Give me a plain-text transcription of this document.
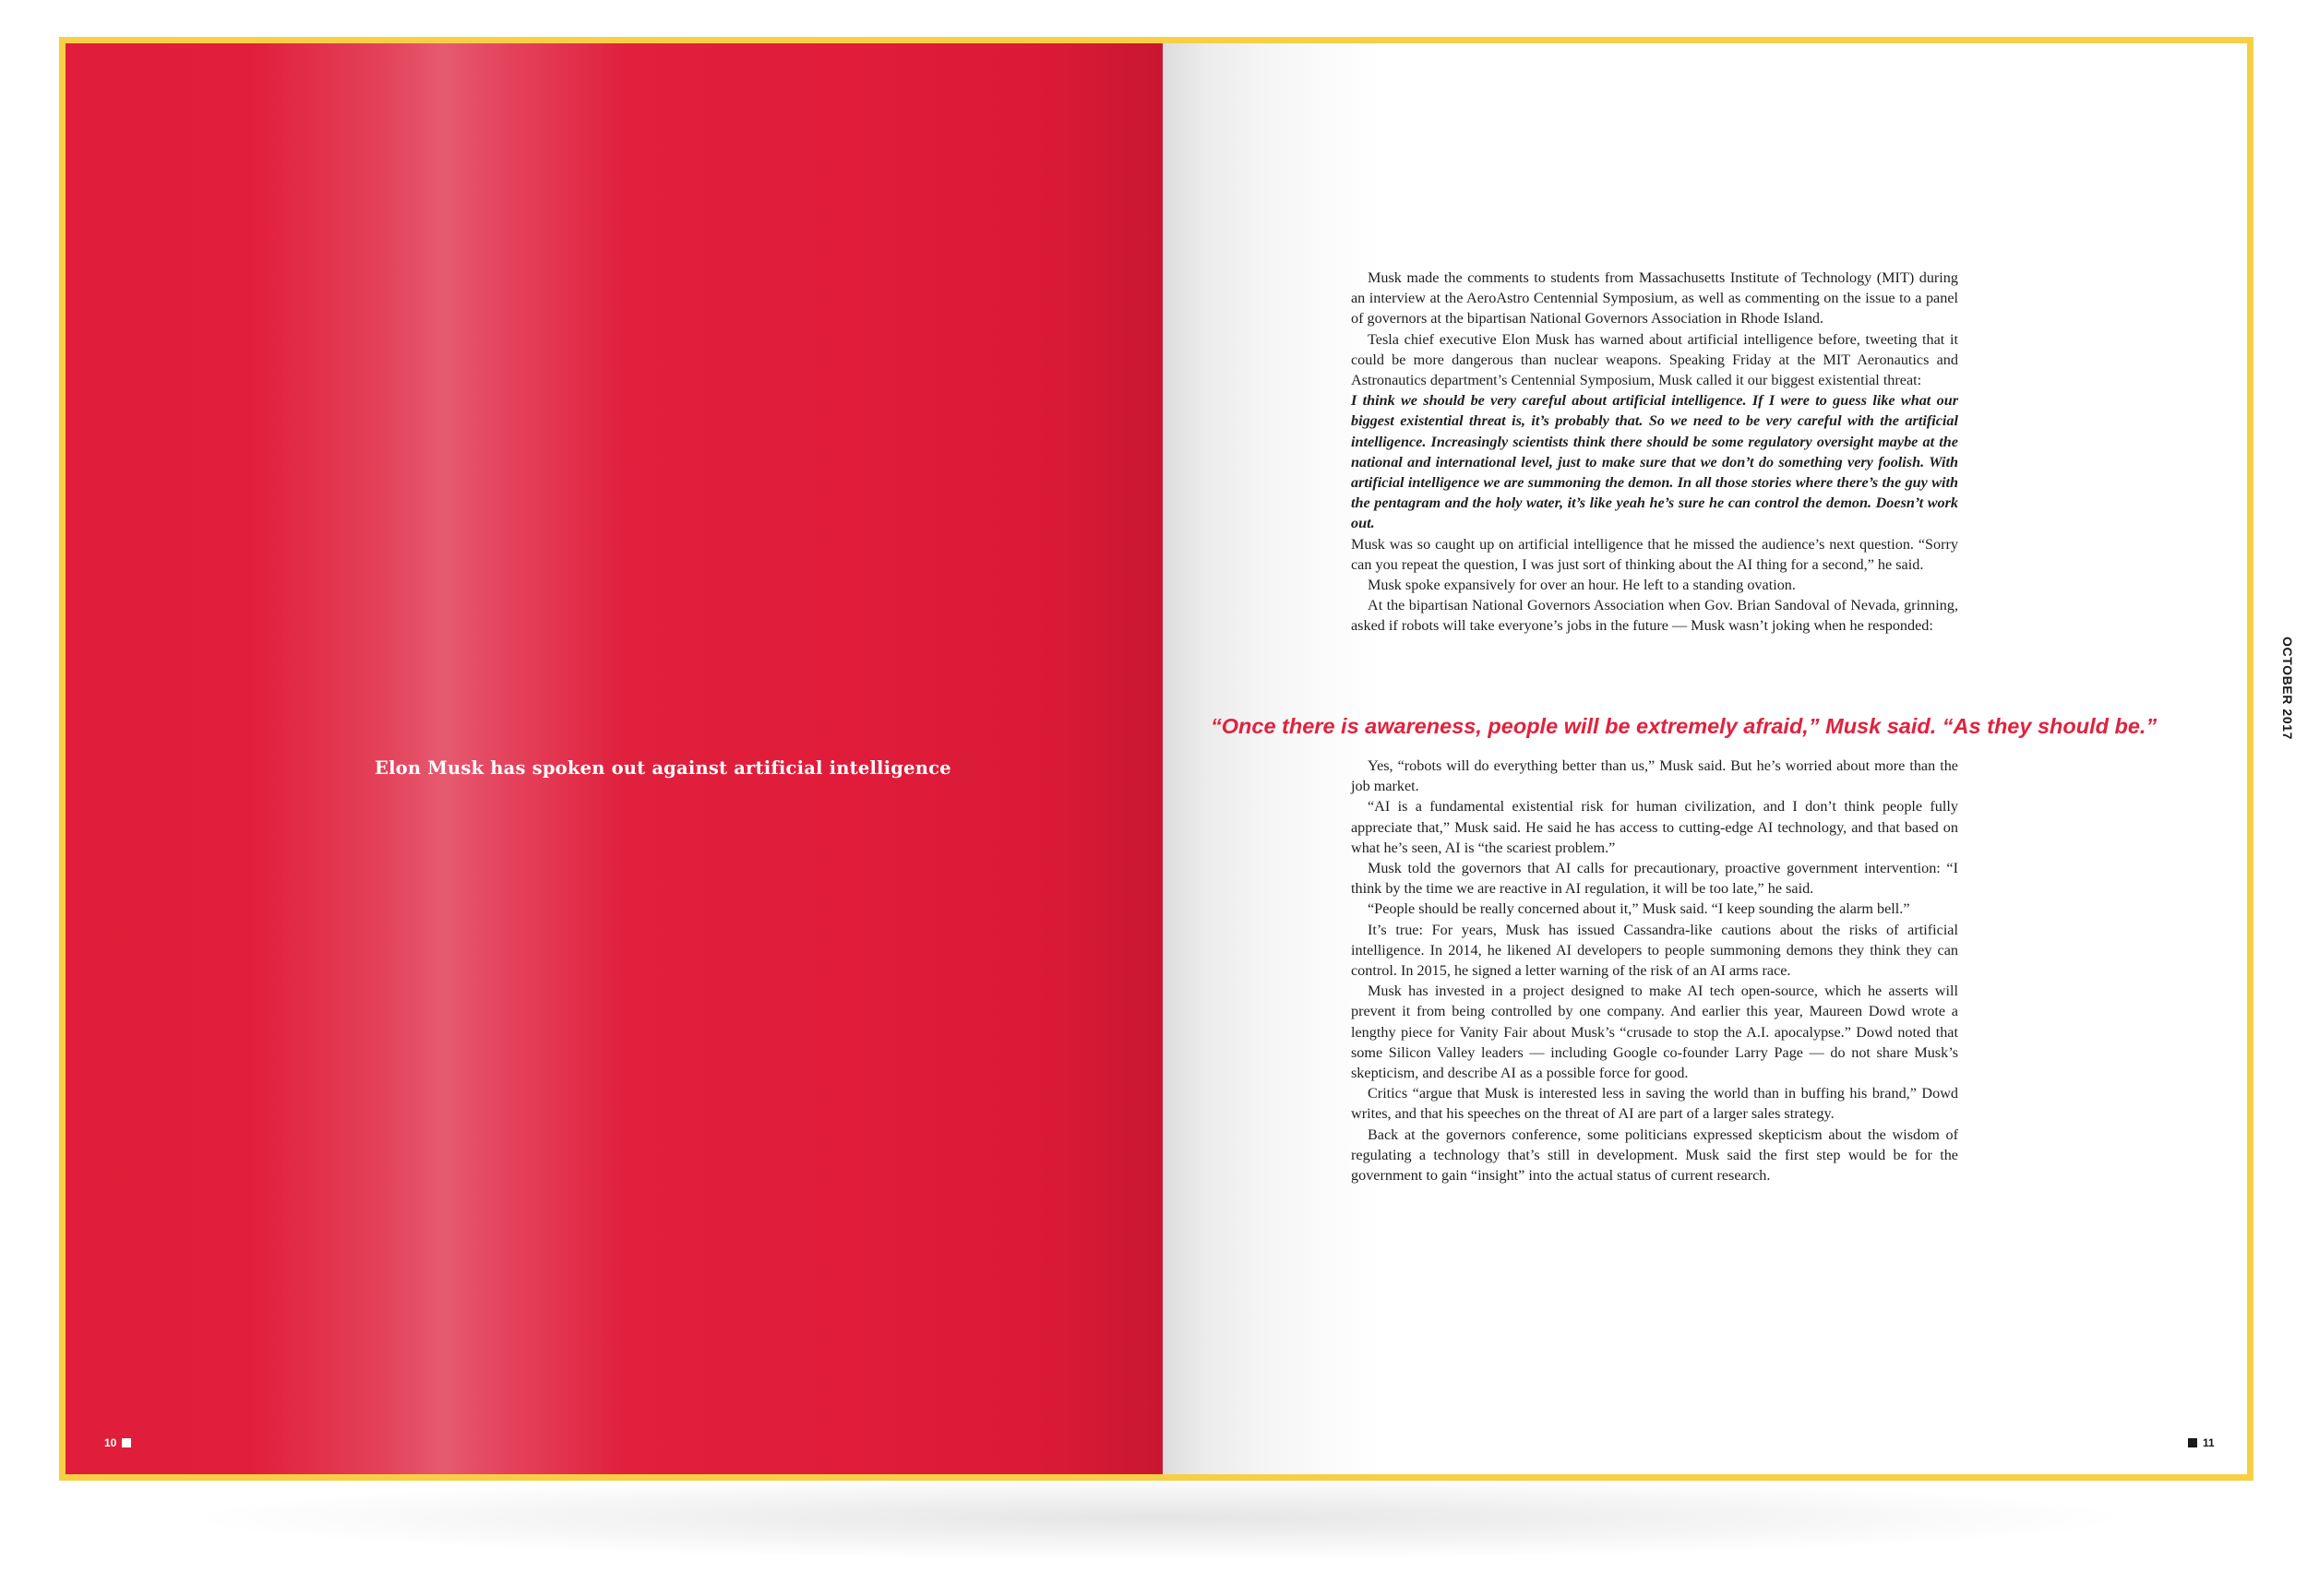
Elon Musk has spoken out against artificial intelligence
10
OCTOBER 2017
11

Musk made the comments to students from Massachusetts Institute of Technology (MIT) during an interview at the AeroAstro Centennial Symposium, as well as commenting on the issue to a panel of governors at the bipartisan National Governors Association in Rhode Island.

Tesla chief executive Elon Musk has warned about artificial intelligence before, tweeting that it could be more dangerous than nuclear weapons. Speaking Friday at the MIT Aeronautics and Astronautics department’s Centennial Symposium, Musk called it our biggest existential threat:

I think we should be very careful about artificial intelligence. If I were to guess like what our biggest existential threat is, it’s probably that. So we need to be very careful with the artificial intelligence. Increasingly scientists think there should be some regulatory oversight maybe at the national and international level, just to make sure that we don’t do something very foolish. With artificial intelligence we are summoning the demon. In all those stories where there’s the guy with the pentagram and the holy water, it’s like yeah he’s sure he can control the demon. Doesn’t work out.

Musk was so caught up on artificial intelligence that he missed the audience’s next question. “Sorry can you repeat the question, I was just sort of thinking about the AI thing for a second,” he said.

Musk spoke expansively for over an hour. He left to a standing ovation.

At the bipartisan National Governors Association when Gov. Brian Sandoval of Nevada, grinning, asked if robots will take everyone’s jobs in the future — Musk wasn’t joking when he responded:

“Once there is awareness, people will be extremely afraid,” Musk said. “As they should be.”

Yes, “robots will do everything better than us,” Musk said. But he’s worried about more than the job market.

“AI is a fundamental existential risk for human civilization, and I don’t think people fully appreciate that,” Musk said. He said he has access to cutting-edge AI technology, and that based on what he’s seen, AI is “the scariest problem.”

Musk told the governors that AI calls for precautionary, proactive government intervention: “I think by the time we are reactive in AI regulation, it will be too late,” he said.

“People should be really concerned about it,” Musk said. “I keep sounding the alarm bell.”

It’s true: For years, Musk has issued Cassandra-like cautions about the risks of artificial intelligence. In 2014, he likened AI developers to people summoning demons they think they can control. In 2015, he signed a letter warning of the risk of an AI arms race.

Musk has invested in a project designed to make AI tech open-source, which he asserts will prevent it from being controlled by one company. And earlier this year, Maureen Dowd wrote a lengthy piece for Vanity Fair about Musk’s “crusade to stop the A.I. apocalypse.” Dowd noted that some Silicon Valley leaders — including Google co-founder Larry Page — do not share Musk’s skepticism, and describe AI as a possible force for good.

Critics “argue that Musk is interested less in saving the world than in buffing his brand,” Dowd writes, and that his speeches on the threat of AI are part of a larger sales strategy.

Back at the governors conference, some politicians expressed skepticism about the wisdom of regulating a technology that’s still in development. Musk said the first step would be for the government to gain “insight” into the actual status of current research.
